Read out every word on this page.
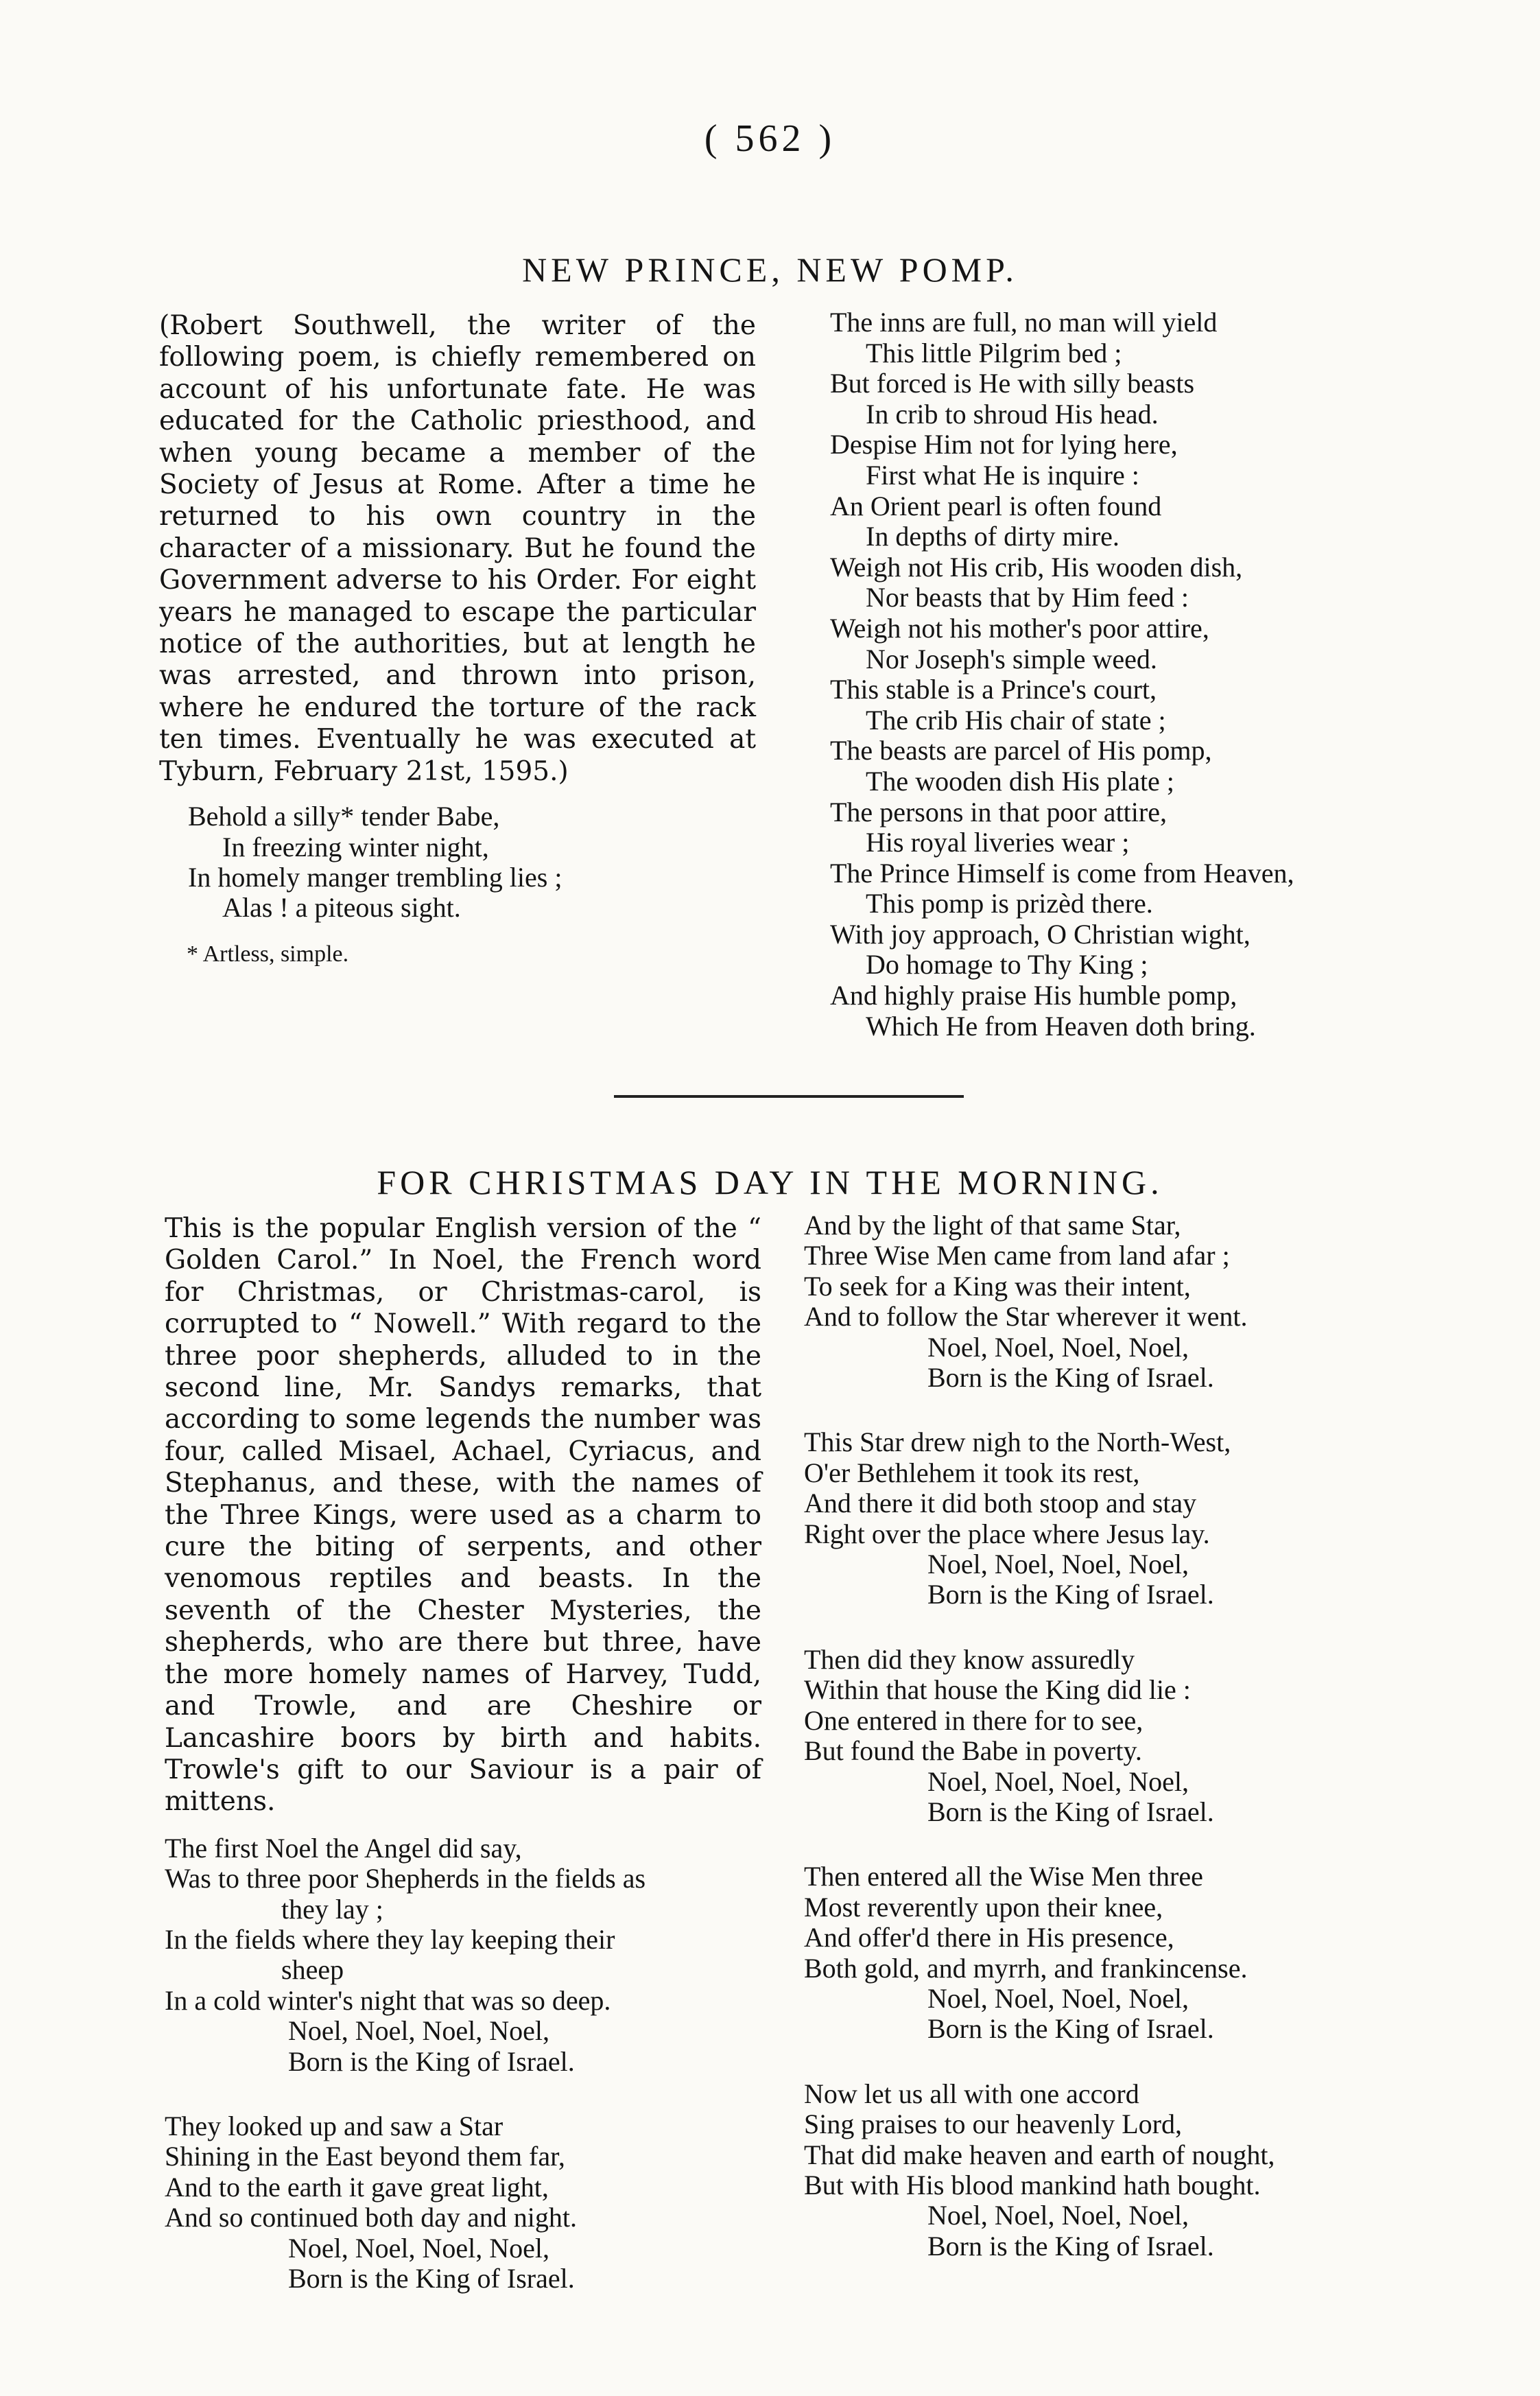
( 562 )
NEW PRINCE, NEW POMP.

(Robert Southwell, the writer of the following poem, is chiefly remembered on account of his unfortunate fate. He was educated for the Catholic priesthood, and when young became a member of the Society of Jesus at Rome. After a time he returned to his own country in the character of a missionary. But he found the Government adverse to his Order. For eight years he managed to escape the particular notice of the authorities, but at length he was arrested, and thrown into prison, where he endured the torture of the rack ten times. Eventually he was executed at Tyburn, February 21st, 1595.)

Behold a silly* tender Babe,
In freezing winter night,
In homely manger trembling lies ;
Alas ! a piteous sight.
* Artless, simple.
The inns are full, no man will yield
This little Pilgrim bed ;
But forced is He with silly beasts
In crib to shroud His head.
Despise Him not for lying here,
First what He is inquire :
An Orient pearl is often found
In depths of dirty mire.
Weigh not His crib, His wooden dish,
Nor beasts that by Him feed :
Weigh not his mother's poor attire,
Nor Joseph's simple weed.
This stable is a Prince's court,
The crib His chair of state ;
The beasts are parcel of His pomp,
The wooden dish His plate ;
The persons in that poor attire,
His royal liveries wear ;
The Prince Himself is come from Heaven,
This pomp is prizèd there.
With joy approach, O Christian wight,
Do homage to Thy King ;
And highly praise His humble pomp,
Which He from Heaven doth bring.
FOR CHRISTMAS DAY IN THE MORNING.

This is the popular English version of the “ Golden Carol.” In Noel, the French word for Christmas, or Christmas-carol, is corrupted to “ Nowell.” With regard to the three poor shepherds, alluded to in the second line, Mr. Sandys remarks, that according to some legends the number was four, called Misael, Achael, Cyriacus, and Stephanus, and these, with the names of the Three Kings, were used as a charm to cure the biting of serpents, and other venomous reptiles and beasts. In the seventh of the Chester Mysteries, the shepherds, who are there but three, have the more homely names of Harvey, Tudd, and Trowle, and are Cheshire or Lancashire boors by birth and habits. Trowle's gift to our Saviour is a pair of mittens.

The first Noel the Angel did say,
Was to three poor Shepherds in the fields as
they lay ;
In the fields where they lay keeping their
sheep
In a cold winter's night that was so deep.
Noel, Noel, Noel, Noel,
Born is the King of Israel.
They looked up and saw a Star
Shining in the East beyond them far,
And to the earth it gave great light,
And so continued both day and night.
Noel, Noel, Noel, Noel,
Born is the King of Israel.
And by the light of that same Star,
Three Wise Men came from land afar ;
To seek for a King was their intent,
And to follow the Star wherever it went.
Noel, Noel, Noel, Noel,
Born is the King of Israel.
This Star drew nigh to the North-West,
O'er Bethlehem it took its rest,
And there it did both stoop and stay
Right over the place where Jesus lay.
Noel, Noel, Noel, Noel,
Born is the King of Israel.
Then did they know assuredly
Within that house the King did lie :
One entered in there for to see,
But found the Babe in poverty.
Noel, Noel, Noel, Noel,
Born is the King of Israel.
Then entered all the Wise Men three
Most reverently upon their knee,
And offer'd there in His presence,
Both gold, and myrrh, and frankincense.
Noel, Noel, Noel, Noel,
Born is the King of Israel.
Now let us all with one accord
Sing praises to our heavenly Lord,
That did make heaven and earth of nought,
But with His blood mankind hath bought.
Noel, Noel, Noel, Noel,
Born is the King of Israel.
